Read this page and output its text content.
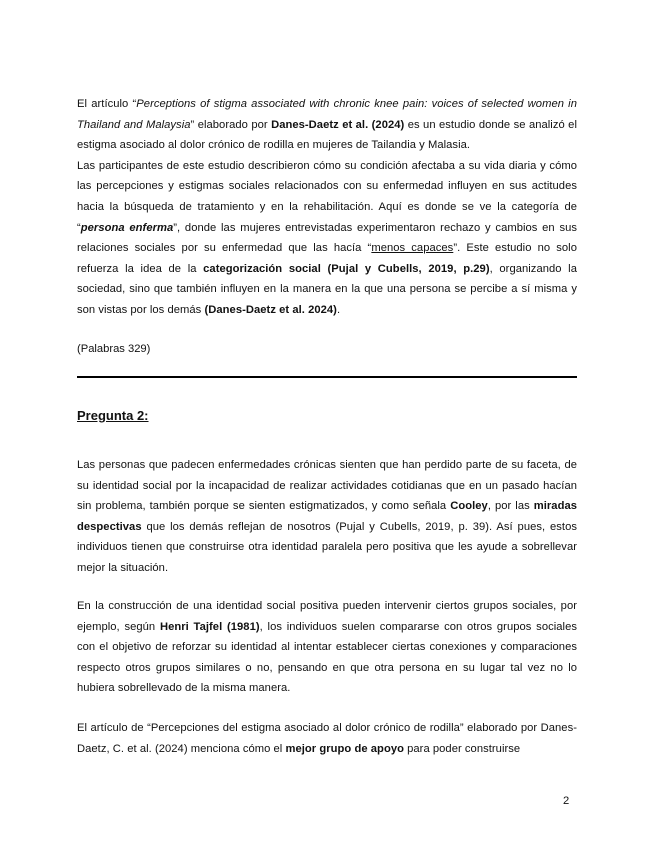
El artículo “Perceptions of stigma associated with chronic knee pain: voices of selected women in Thailand and Malaysia” elaborado por Danes-Daetz et al. (2024) es un estudio donde se analizó el estigma asociado al dolor crónico de rodilla en mujeres de Tailandia y Malasia.

Las participantes de este estudio describieron cómo su condición afectaba a su vida diaria y cómo las percepciones y estigmas sociales relacionados con su enfermedad influyen en sus actitudes hacia la búsqueda de tratamiento y en la rehabilitación. Aquí es donde se ve la categoría de “persona enferma”, donde las mujeres entrevistadas experimentaron rechazo y cambios en sus relaciones sociales por su enfermedad que las hacía “menos capaces”. Este estudio no solo refuerza la idea de la categorización social (Pujal y Cubells, 2019, p.29), organizando la sociedad, sino que también influyen en la manera en la que una persona se percibe a sí misma y son vistas por los demás (Danes-Daetz et al. 2024).

(Palabras 329)
Pregunta 2:

Las personas que padecen enfermedades crónicas sienten que han perdido parte de su faceta, de su identidad social por la incapacidad de realizar actividades cotidianas que en un pasado hacían sin problema, también porque se sienten estigmatizados, y como señala Cooley, por las miradas despectivas que los demás reflejan de nosotros (Pujal y Cubells, 2019, p. 39). Así pues, estos individuos tienen que construirse otra identidad paralela pero positiva que les ayude a sobrellevar mejor la situación.

En la construcción de una identidad social positiva pueden intervenir ciertos grupos sociales, por ejemplo, según Henri Tajfel (1981), los individuos suelen compararse con otros grupos sociales con el objetivo de reforzar su identidad al intentar establecer ciertas conexiones y comparaciones respecto otros grupos similares o no, pensando en que otra persona en su lugar tal vez no lo hubiera sobrellevado de la misma manera.

El artículo de “Percepciones del estigma asociado al dolor crónico de rodilla” elaborado por Danes-Daetz, C. et al. (2024) menciona cómo el mejor grupo de apoyo para poder construirse

2
